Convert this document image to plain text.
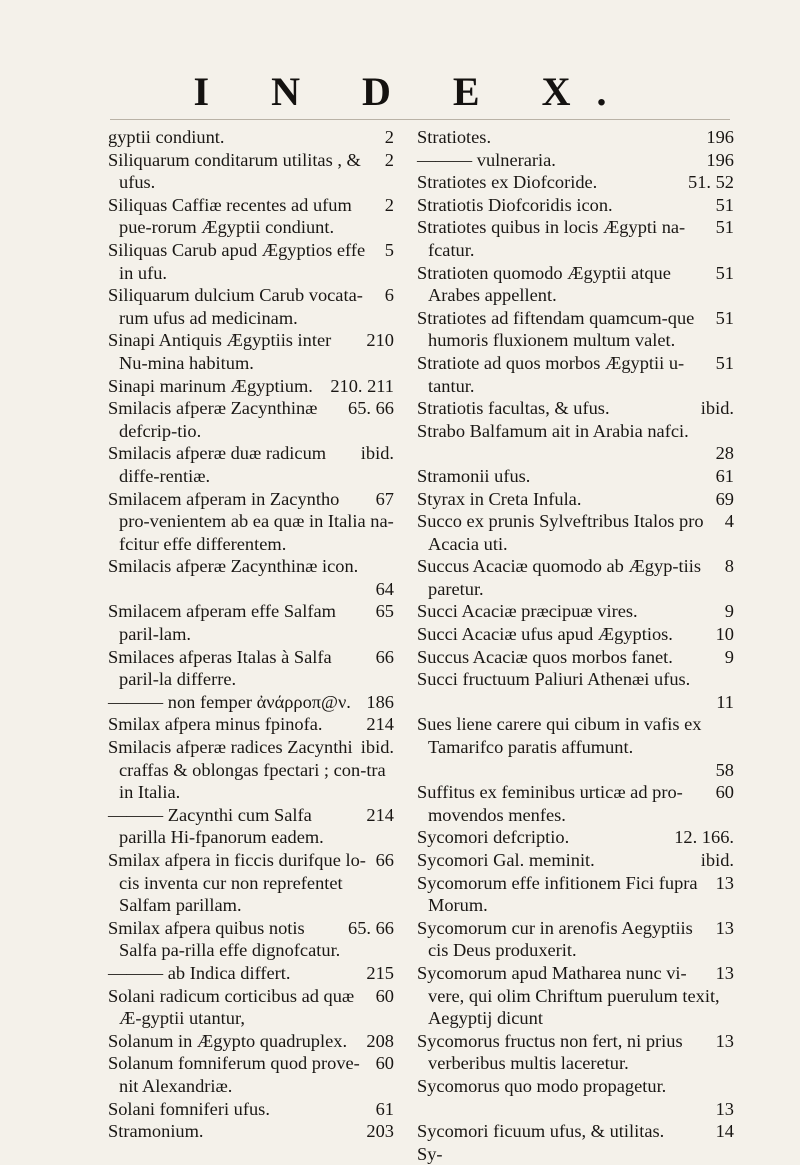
I N D E X.
2
gyptii condiunt.
2
Siliquarum conditarum utilitas , & ufus.
2
Siliquas Caffiæ recentes ad ufum pue-rorum Ægyptii condiunt.
5
Siliquas Carub apud Ægyptios effe in ufu.
6
Siliquarum dulcium Carub vocata-rum ufus ad medicinam.
210
Sinapi Antiquis Ægyptiis inter Nu-mina habitum.
210. 211
Sinapi marinum Ægyptium.
65. 66
Smilacis afperæ Zacynthinæ defcrip-tio.
ibid.
Smilacis afperæ duæ radicum diffe-rentiæ.
67
Smilacem afperam in Zacyntho pro-venientem ab ea quæ in Italia na-fcitur effe differentem.
Smilacis afperæ Zacynthinæ icon.
64
65
Smilacem afperam effe Salfam paril-lam.
66
Smilaces afperas Italas à Salfa paril-la differre.
186
——— non femper ἀνάρρoπ@ν.
214
Smilax afpera minus fpinofa.
ibid.
Smilacis afperæ radices Zacynthi craffas & oblongas fpectari ; con-tra in Italia.
214
——— Zacynthi cum Salfa parilla Hi-fpanorum eadem.
66
Smilax afpera in ficcis durifque lo-cis inventa cur non reprefentet Salfam parillam.
65. 66
Smilax afpera quibus notis Salfa pa-rilla effe dignofcatur.
215
——— ab Indica differt.
60
Solani radicum corticibus ad quæ Æ-gyptii utantur,
208
Solanum in Ægypto quadruplex.
60
Solanum fomniferum quod prove-nit Alexandriæ.
61
Solani fomniferi ufus.
203
Stramonium.
196
Stratiotes.
196
——— vulneraria.
51. 52
Stratiotes ex Diofcoride.
51
Stratiotis Diofcoridis icon.
51
Stratiotes quibus in locis Ægypti na-fcatur.
51
Stratioten quomodo Ægyptii atque Arabes appellent.
51
Stratiotes ad fiftendam quamcum-que humoris fluxionem multum valet.
51
Stratiote ad quos morbos Ægyptii u-tantur.
ibid.
Stratiotis facultas, & ufus.
Strabo Balfamum ait in Arabia nafci.
28
61
Stramonii ufus.
69
Styrax in Creta Infula.
4
Succo ex prunis Sylveftribus Italos pro Acacia uti.
8
Succus Acaciæ quomodo ab Ægyp-tiis paretur.
9
Succi Acaciæ præcipuæ vires.
10
Succi Acaciæ ufus apud Ægyptios.
9
Succus Acaciæ quos morbos fanet.
Succi fructuum Paliuri Athenæi ufus.
11
Sues liene carere qui cibum in vafis ex Tamarifco paratis affumunt.
58
60
Suffitus ex feminibus urticæ ad pro-movendos menfes.
12. 166.
Sycomori defcriptio.
ibid.
Sycomori Gal. meminit.
13
Sycomorum effe infitionem Fici fupra Morum.
13
Sycomorum cur in arenofis Aegyptiis cis Deus produxerit.
13
Sycomorum apud Matharea nunc vi-vere, qui olim Chriftum puerulum texit, Aegyptij dicunt
13
Sycomorus fructus non fert, ni prius verberibus multis laceretur.
Sycomorus quo modo propagetur.
13
14
Sycomori ficuum ufus, & utilitas.
Sy-
